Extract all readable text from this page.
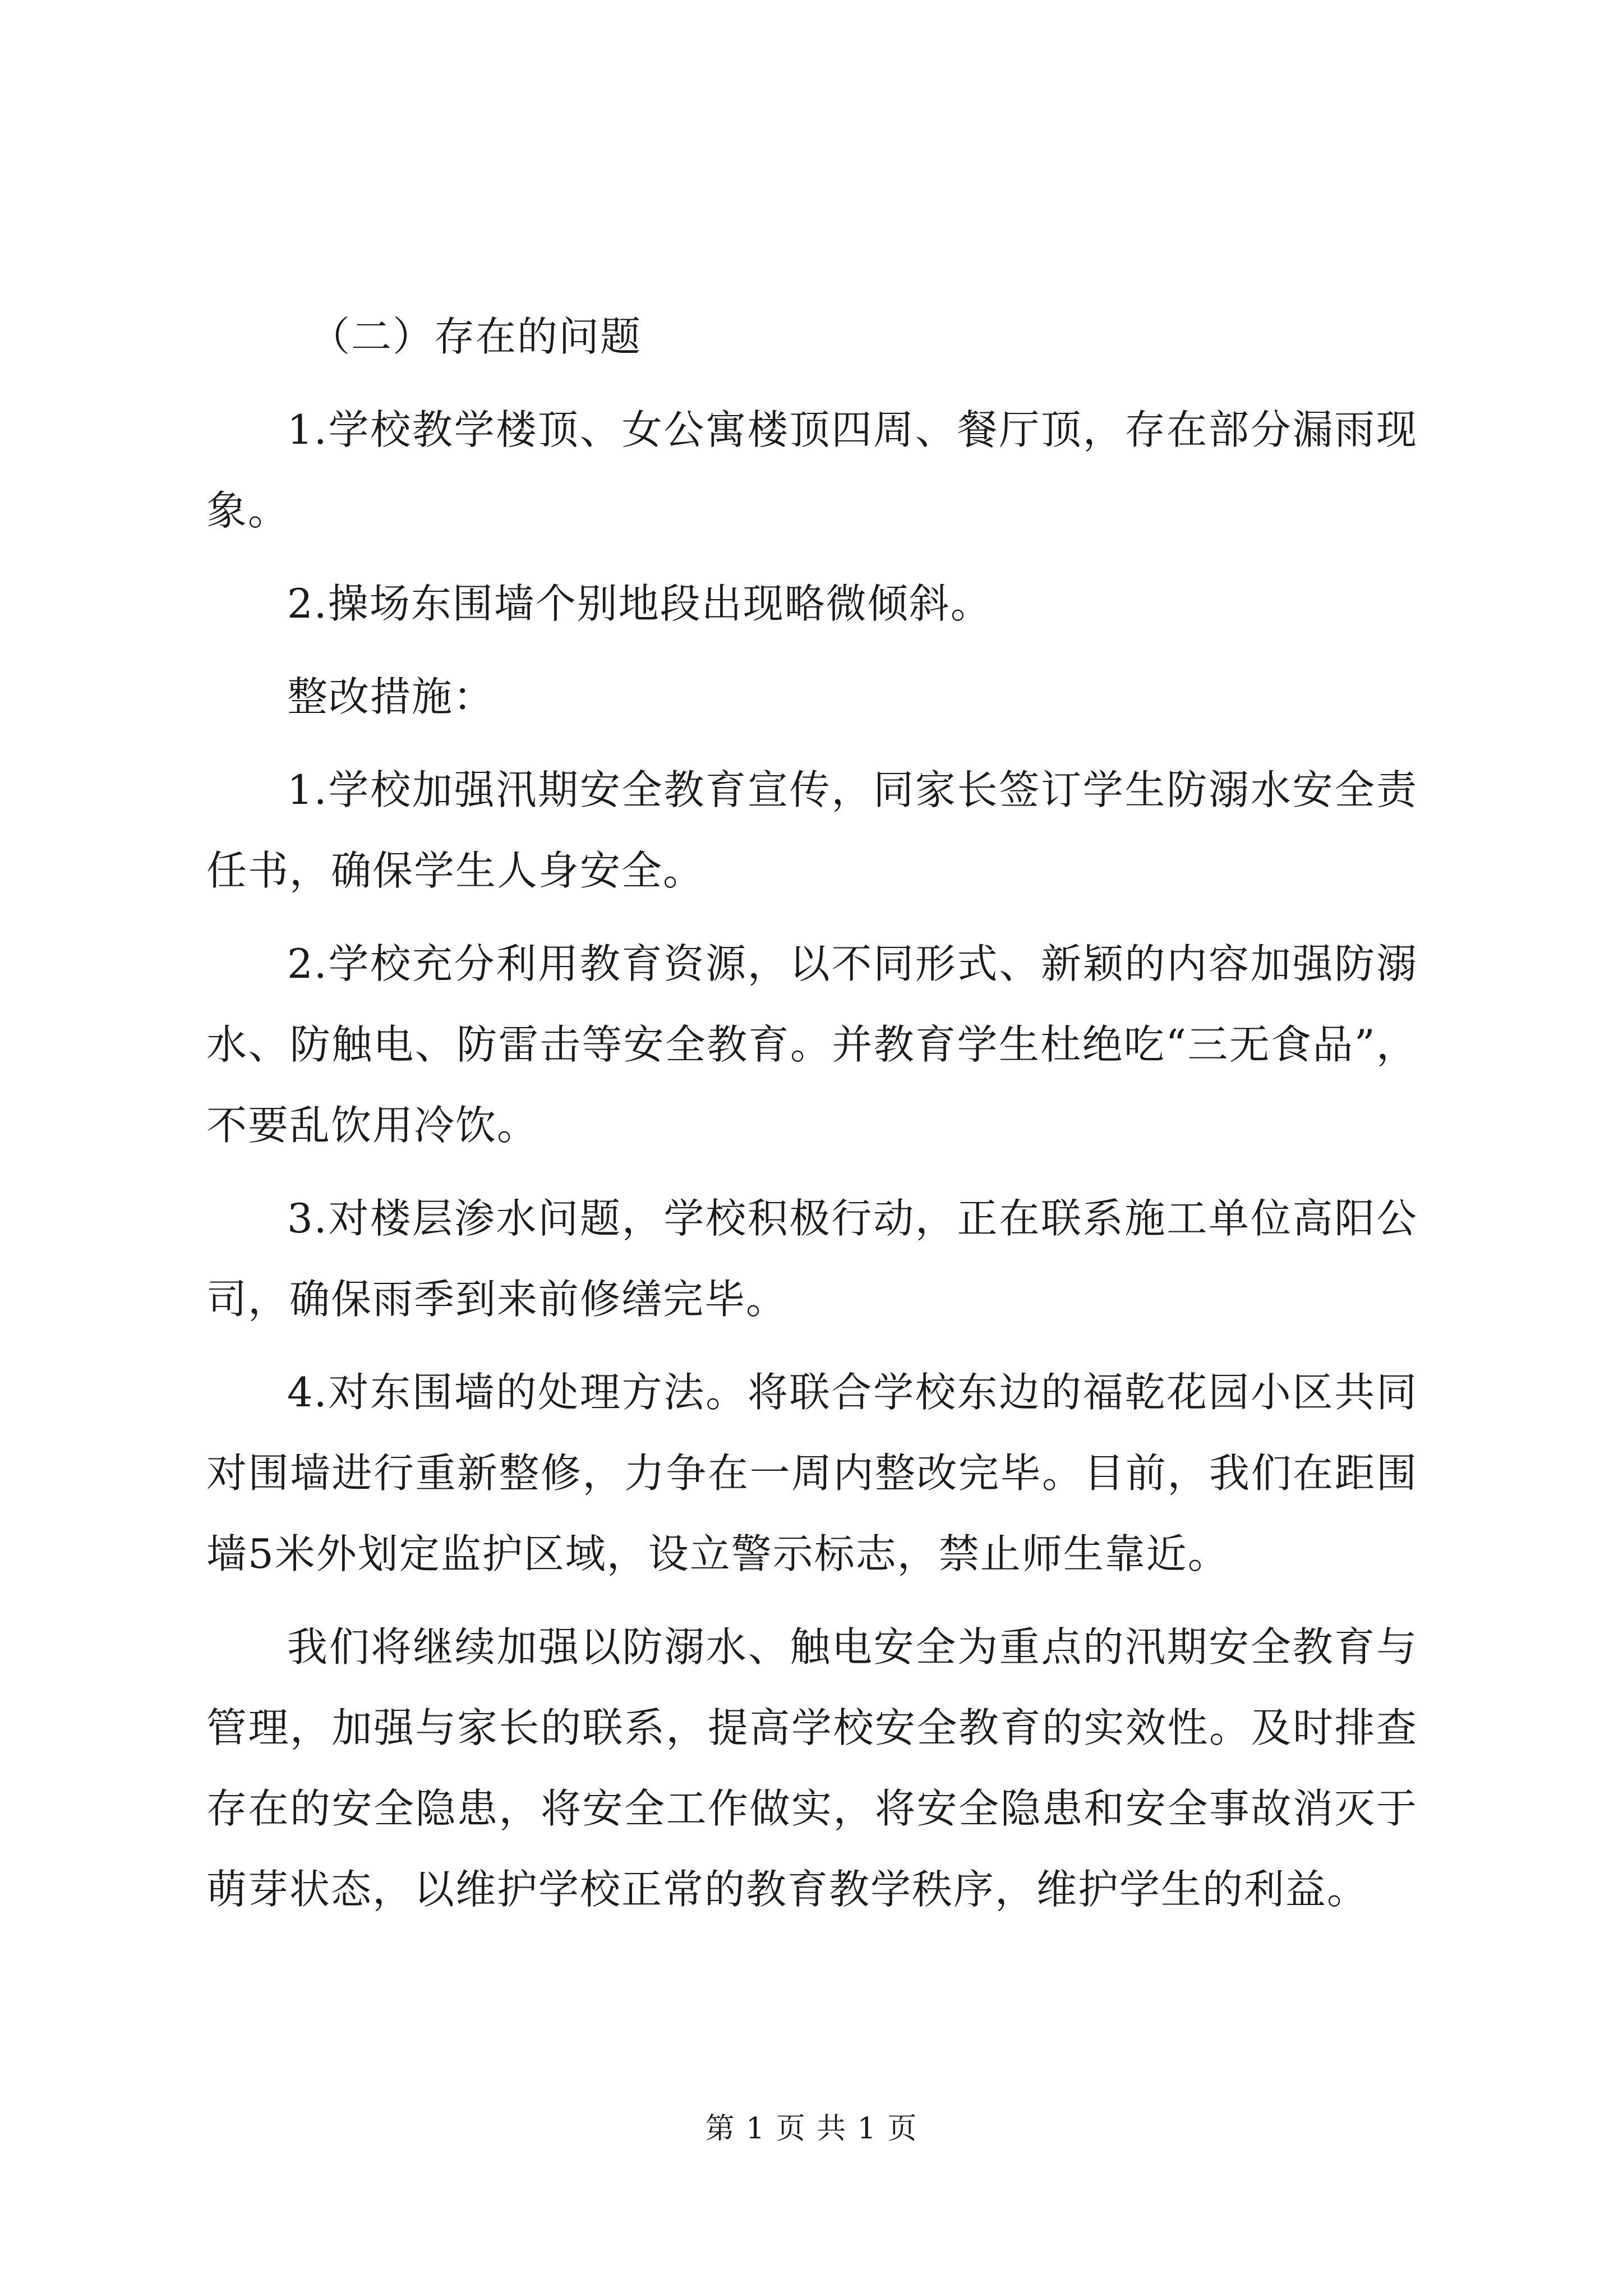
（二）存在的问题

1.学校教学楼顶、女公寓楼顶四周、餐厅顶，存在部分漏雨现象。

2.操场东围墙个别地段出现略微倾斜。

整改措施：

1.学校加强汛期安全教育宣传，同家长签订学生防溺水安全责任书，确保学生人身安全。

2.学校充分利用教育资源，以不同形式、新颖的内容加强防溺水、防触电、防雷击等安全教育。并教育学生杜绝吃“三无食品”，不要乱饮用冷饮。

3.对楼层渗水问题，学校积极行动，正在联系施工单位高阳公司，确保雨季到来前修缮完毕。

4.对东围墙的处理方法。将联合学校东边的福乾花园小区共同对围墙进行重新整修，力争在一周内整改完毕。目前，我们在距围墙5米外划定监护区域，设立警示标志，禁止师生靠近。

我们将继续加强以防溺水、触电安全为重点的汛期安全教育与管理，加强与家长的联系，提高学校安全教育的实效性。及时排查存在的安全隐患，将安全工作做实，将安全隐患和安全事故消灭于萌芽状态，以维护学校正常的教育教学秩序，维护学生的利益。

第 1 页 共 1 页
